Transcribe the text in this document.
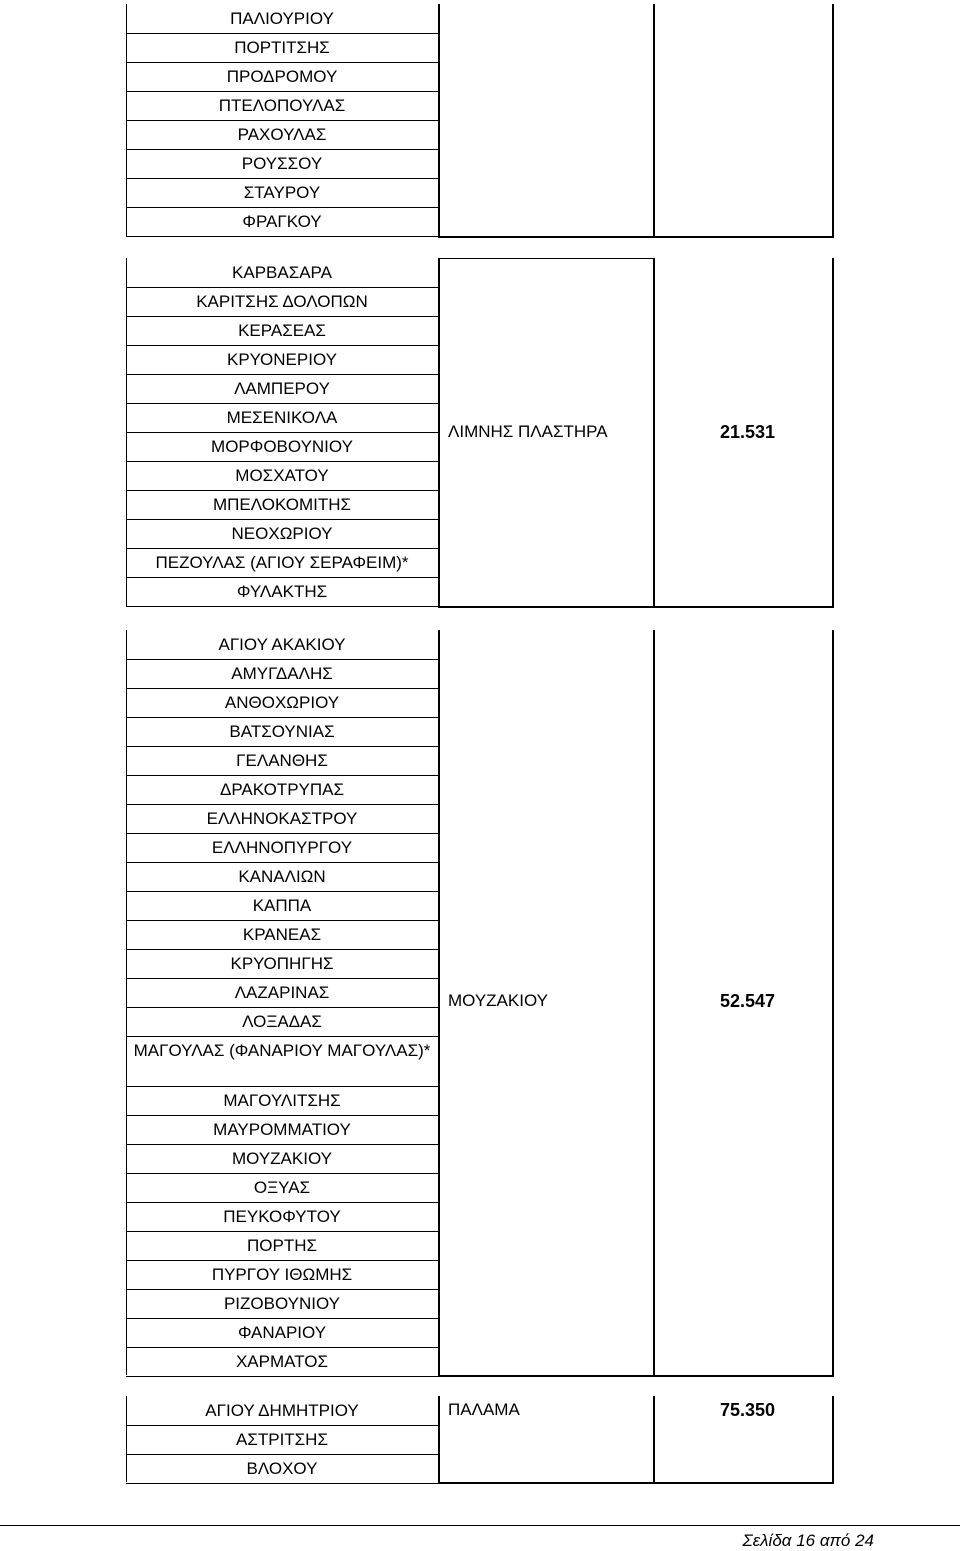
ΠΑΛΙΟΥΡΙΟΥ
ΠΟΡΤΙΤΣΗΣ
ΠΡΟΔΡΟΜΟΥ
ΠΤΕΛΟΠΟΥΛΑΣ
ΡΑΧΟΥΛΑΣ
ΡΟΥΣΣΟΥ
ΣΤΑΥΡΟΥ
ΦΡΑΓΚΟΥ
ΚΑΡΒΑΣΑΡΑ
ΚΑΡΙΤΣΗΣ ΔΟΛΟΠΩΝ
ΚΕΡΑΣΕΑΣ
ΚΡΥΟΝΕΡΙΟΥ
ΛΑΜΠΕΡΟΥ
ΜΕΣΕΝΙΚΟΛΑ
ΜΟΡΦΟΒΟΥΝΙΟΥ
ΜΟΣΧΑΤΟΥ
ΜΠΕΛΟΚΟΜΙΤΗΣ
ΝΕΟΧΩΡΙΟΥ
ΠΕΖΟΥΛΑΣ (ΑΓΙΟΥ ΣΕΡΑΦΕΙΜ)*
ΦΥΛΑΚΤΗΣ
ΛΙΜΝΗΣ ΠΛΑΣΤΗΡΑ	21.531
ΑΓΙΟΥ ΑΚΑΚΙΟΥ
ΑΜΥΓΔΑΛΗΣ
ΑΝΘΟΧΩΡΙΟΥ
ΒΑΤΣΟΥΝΙΑΣ
ΓΕΛΑΝΘΗΣ
ΔΡΑΚΟΤΡΥΠΑΣ
ΕΛΛΗΝΟΚΑΣΤΡΟΥ
ΕΛΛΗΝΟΠΥΡΓΟΥ
ΚΑΝΑΛΙΩΝ
ΚΑΠΠΑ
ΚΡΑΝΕΑΣ
ΚΡΥΟΠΗΓΗΣ
ΛΑΖΑΡΙΝΑΣ
ΛΟΞΑΔΑΣ
ΜΑΓΟΥΛΑΣ (ΦΑΝΑΡΙΟΥ ΜΑΓΟΥΛΑΣ)*
ΜΑΓΟΥΛΙΤΣΗΣ
ΜΑΥΡΟΜΜΑΤΙΟΥ
ΜΟΥΖΑΚΙΟΥ
ΟΞΥΑΣ
ΠΕΥΚΟΦΥΤΟΥ
ΠΟΡΤΗΣ
ΠΥΡΓΟΥ ΙΘΩΜΗΣ
ΡΙΖΟΒΟΥΝΙΟΥ
ΦΑΝΑΡΙΟΥ
ΧΑΡΜΑΤΟΣ
ΜΟΥΖΑΚΙΟΥ	52.547
ΑΓΙΟΥ ΔΗΜΗΤΡΙΟΥ
ΑΣΤΡΙΤΣΗΣ
ΒΛΟΧΟΥ
ΠΑΛΑΜΑ	75.350
Σελίδα 16 από 24
